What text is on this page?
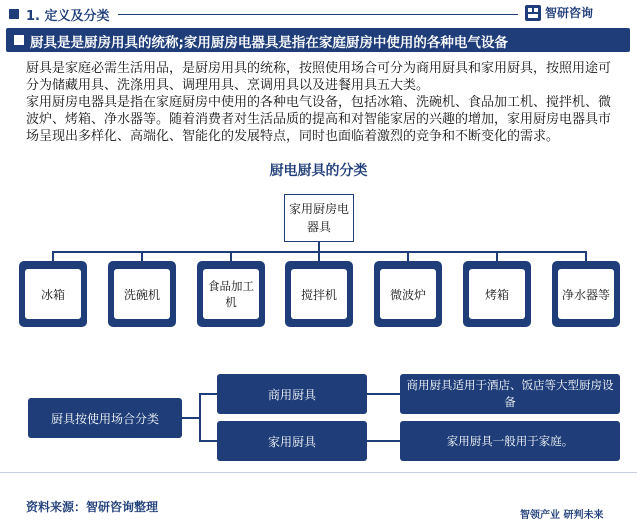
1. 定义及分类	智研咨询
厨具是是厨房用具的统称;家用厨房电器具是指在家庭厨房中使用的各种电气设备

厨具是家庭必需生活用品，是厨房用具的统称，按照使用场合可分为商用厨具和家用厨具，按照用途可分为储藏用具、洗涤用具、调理用具、烹调用具以及进餐用具五大类。

家用厨房电器具是指在家庭厨房中使用的各种电气设备，包括冰箱、洗碗机、食品加工机、搅拌机、微波炉、烤箱、净水器等。随着消费者对生活品质的提高和对智能家居的兴趣的增加，家用厨房电器具市场呈现出多样化、高端化、智能化的发展特点，同时也面临着激烈的竞争和不断变化的需求。

厨电厨具的分类
家用厨房电器具
冰箱	洗碗机
食品加工机
搅拌机	微波炉	烤箱	净水器等
厨具按使用场合分类
商用厨具
家用厨具
商用厨具适用于酒店、饭店等大型厨房设备
家用厨具一般用于家庭。
资料来源：智研咨询整理
智领产业 研判未来
